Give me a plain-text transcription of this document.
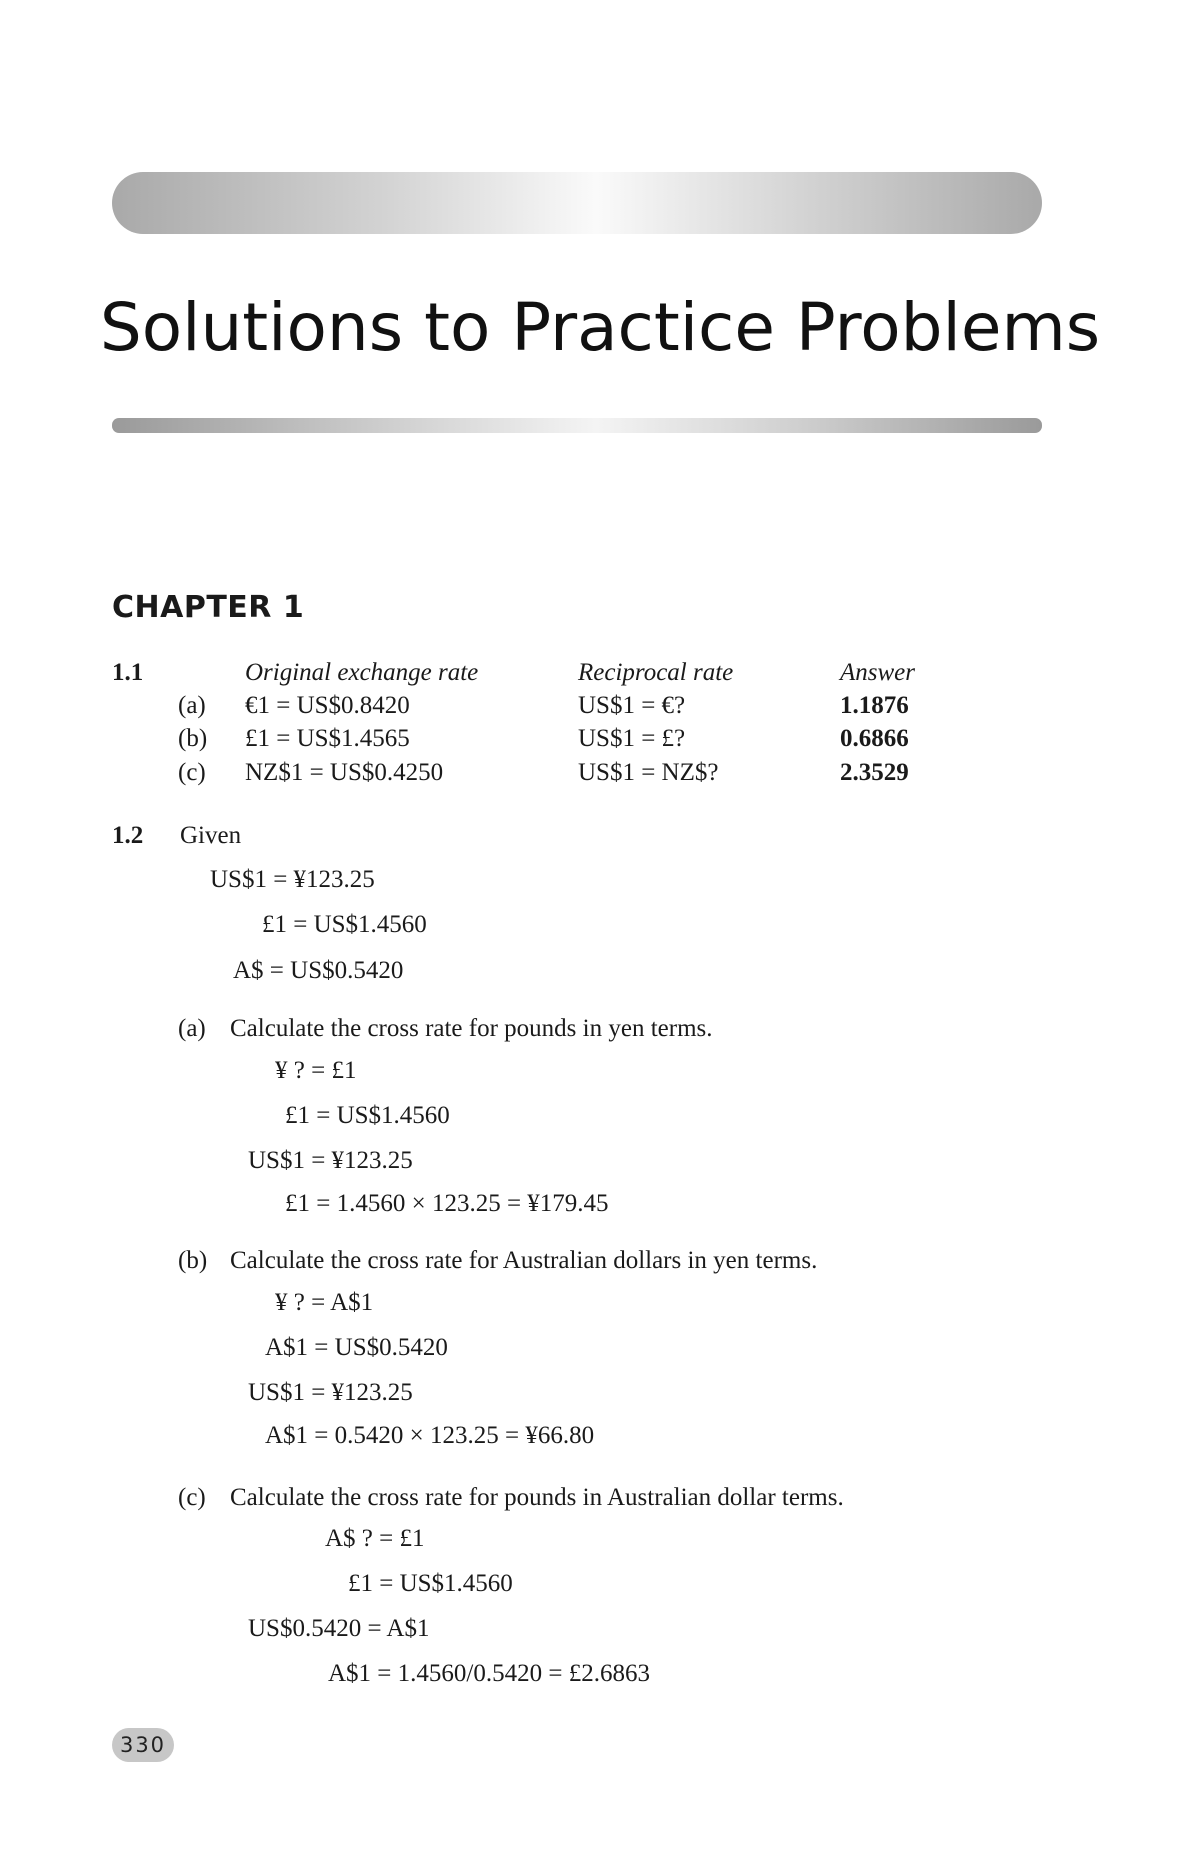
Solutions to Practice Problems
CHAPTER 1
1.1	Original exchange rate	Reciprocal rate	Answer
(a) €1 = US$0.8420	US$1 = €?	1.1876
(b) £1 = US$1.4565	US$1 = £?	0.6866
(c) NZ$1 = US$0.4250	US$1 = NZ$?	2.3529
1.2 Given
US$1 = ¥123.25
£1 = US$1.4560
A$ = US$0.5420
(a) Calculate the cross rate for pounds in yen terms.
¥ ? = £1
£1 = US$1.4560
US$1 = ¥123.25
£1 = 1.4560 × 123.25 = ¥179.45
(b) Calculate the cross rate for Australian dollars in yen terms.
¥ ? = A$1
A$1 = US$0.5420
US$1 = ¥123.25
A$1 = 0.5420 × 123.25 = ¥66.80
(c) Calculate the cross rate for pounds in Australian dollar terms.
A$ ? = £1
£1 = US$1.4560
US$0.5420 = A$1
A$1 = 1.4560/0.5420 = £2.6863
330
